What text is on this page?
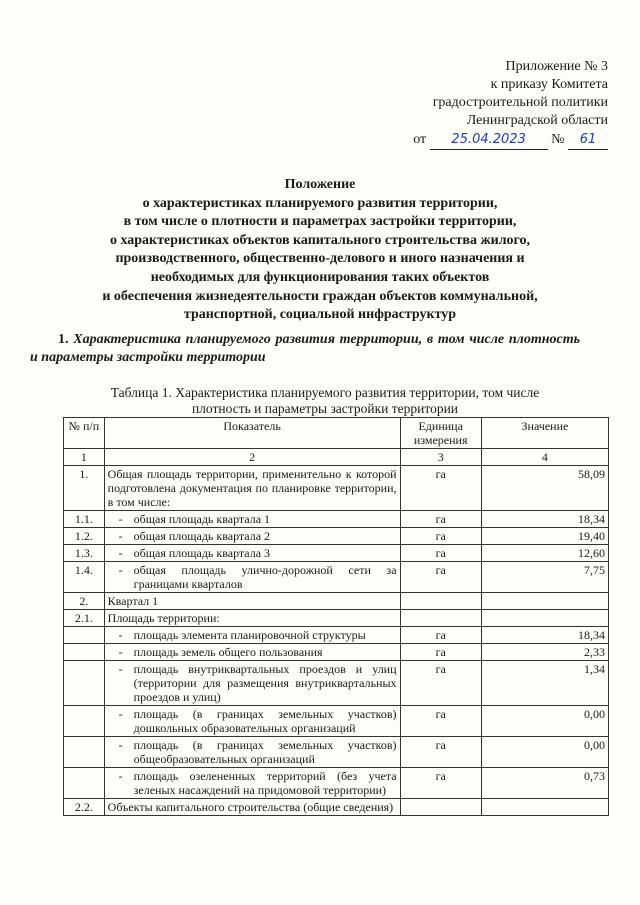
Приложение № 3
к приказу Комитета
градостроительной политики
Ленинградской области
от 25.04.2023 № 61
Положение
о характеристиках планируемого развития территории,
в том числе о плотности и параметрах застройки территории,
о характеристиках объектов капитального строительства жилого,
производственного, общественно-делового и иного назначения и
необходимых для функционирования таких объектов
и обеспечения жизнедеятельности граждан объектов коммунальной,
транспортной, социальной инфраструктур
1. Характеристика планируемого развития территории, в том числе плотность и параметры застройки территории
Таблица 1. Характеристика планируемого развития территории, том числе
плотность и параметры застройки территории
№ п/п	Показатель	Единица измерения	Значение
1	2	3	4
1.	Общая площадь территории, применительно к которой подготовлена документация по планировке территории, в том числе:	га	58,09
1.1.	- общая площадь квартала 1	га	18,34
1.2.	- общая площадь квартала 2	га	19,40
1.3.	- общая площадь квартала 3	га	12,60
1.4.	- общая площадь улично-дорожной сети за границами кварталов	га	7,75
2.	Квартал 1		
2.1.	Площадь территории:		

	- площадь элемента планировочной структуры	га	18,34

	- площадь земель общего пользования	га	2,33

	- площадь внутриквартальных проездов и улиц (территории для размещения внутриквартальных проездов и улиц)	га	1,34

	- площадь (в границах земельных участков) дошкольных образовательных организаций	га	0,00

	- площадь (в границах земельных участков) общеобразовательных организаций	га	0,00

	- площадь озелененных территорий (без учета зеленых насаждений на придомовой территории)	га	0,73
2.2.	Объекты капитального строительства (общие сведения)		
